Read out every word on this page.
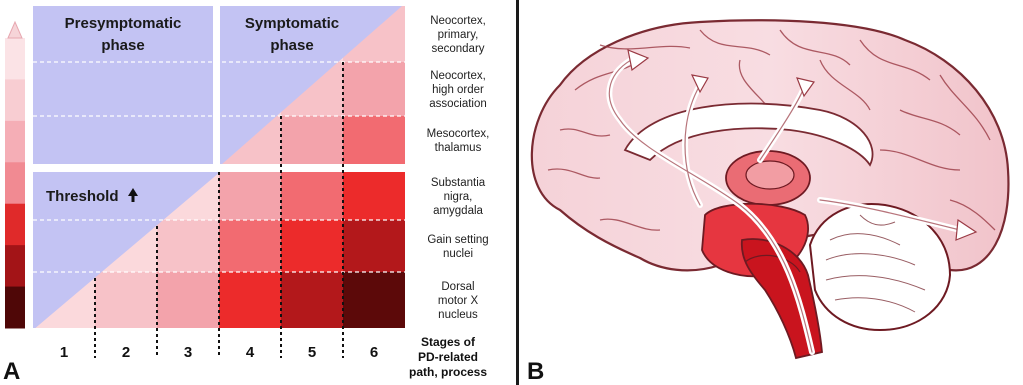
Presymptomatic
phase
Symptomatic
phase
Threshold
Neocortex,
primary,
secondary
Neocortex,
high order
association
Mesocortex,
thalamus
Substantia
nigra,
amygdala
Gain setting
nuclei
Dorsal
motor X
nucleus
1	2	3	4	5	6
Stages of
PD-related
path, process
A	B
